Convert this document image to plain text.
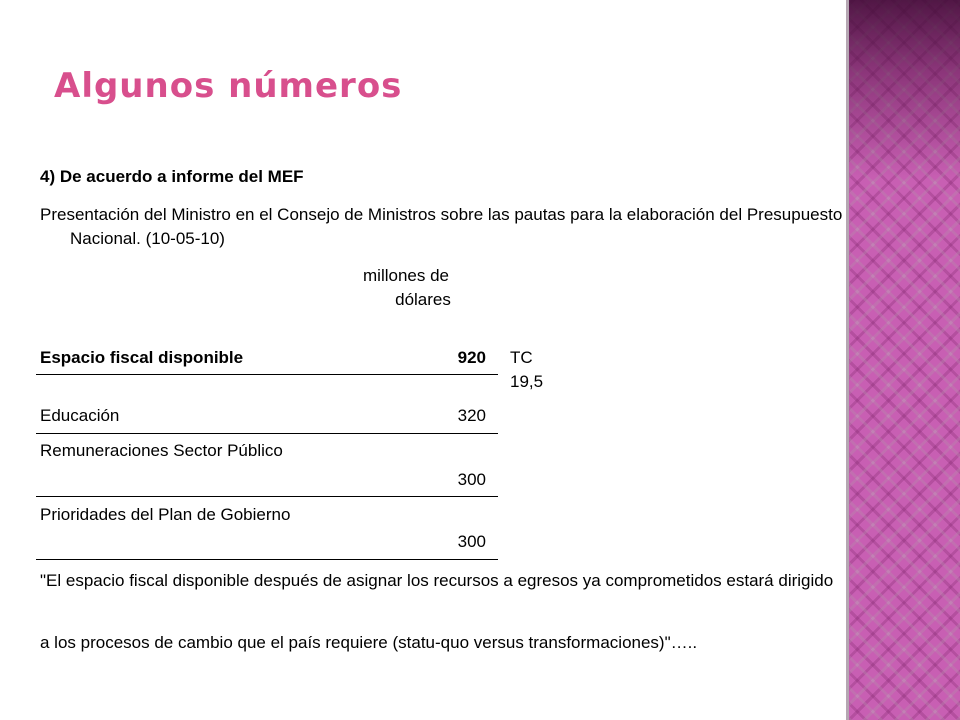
Algunos números
4) De acuerdo a informe del MEF
Presentación del Ministro en el Consejo de Ministros sobre las pautas para la elaboración del Presupuesto Nacional. (10-05-10)
millones de
dólares
Espacio fiscal disponible	920 TC 19,5
Educación	320
Remuneraciones Sector Público
300
Prioridades del Plan de Gobierno
300
"El espacio fiscal disponible después de asignar los recursos a egresos ya comprometidos estará dirigido
a los procesos de cambio que el país requiere (statu-quo versus transformaciones)"…..
